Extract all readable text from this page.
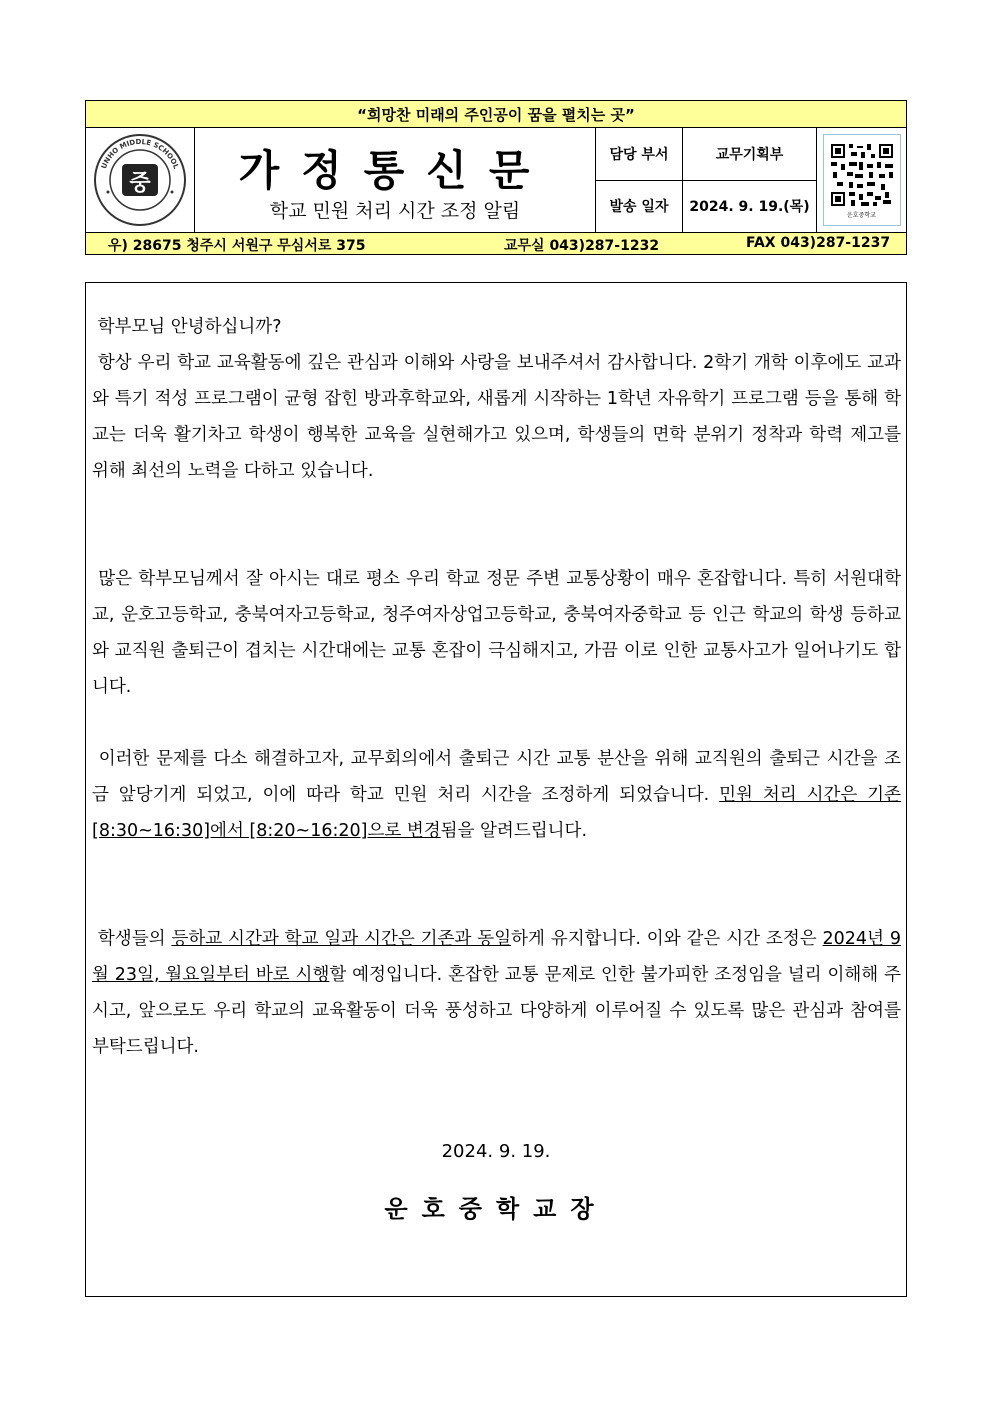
“희망찬 미래의 주인공이 꿈을 펼치는 곳”
UNHO MIDDLE SCHOOL
중	가정통신문
학교 민원 처리 시간 조정 알림
담당 부서	교무기획부
발송 일자	2024. 9. 19.(목)	운호중학교
우) 28675 청주시 서원구 무심서로 375	교무실 043)287-1232	FAX 043)287-1237

학부모님 안녕하십니까?

항상 우리 학교 교육활동에 깊은 관심과 이해와 사랑을 보내주셔서 감사합니다. 2학기 개학 이후에도 교과와 특기 적성 프로그램이 균형 잡힌 방과후학교와, 새롭게 시작하는 1학년 자유학기 프로그램 등을 통해 학교는 더욱 활기차고 학생이 행복한 교육을 실현해가고 있으며, 학생들의 면학 분위기 정착과 학력 제고를 위해 최선의 노력을 다하고 있습니다.

많은 학부모님께서 잘 아시는 대로 평소 우리 학교 정문 주변 교통상황이 매우 혼잡합니다. 특히 서원대학교, 운호고등학교, 충북여자고등학교, 청주여자상업고등학교, 충북여자중학교 등 인근 학교의 학생 등하교와 교직원 출퇴근이 겹치는 시간대에는 교통 혼잡이 극심해지고, 가끔 이로 인한 교통사고가 일어나기도 합니다.

이러한 문제를 다소 해결하고자, 교무회의에서 출퇴근 시간 교통 분산을 위해 교직원의 출퇴근 시간을 조금 앞당기게 되었고, 이에 따라 학교 민원 처리 시간을 조정하게 되었습니다. 민원 처리 시간은 기존 [8:30~16:30]에서 [8:20~16:20]으로 변경됨을 알려드립니다.

학생들의 등하교 시간과 학교 일과 시간은 기존과 동일하게 유지합니다. 이와 같은 시간 조정은 2024년 9월 23일, 월요일부터 바로 시행할 예정입니다. 혼잡한 교통 문제로 인한 불가피한 조정임을 널리 이해해 주시고, 앞으로도 우리 학교의 교육활동이 더욱 풍성하고 다양하게 이루어질 수 있도록 많은 관심과 참여를 부탁드립니다.

2024. 9. 19.
운호중학교장
